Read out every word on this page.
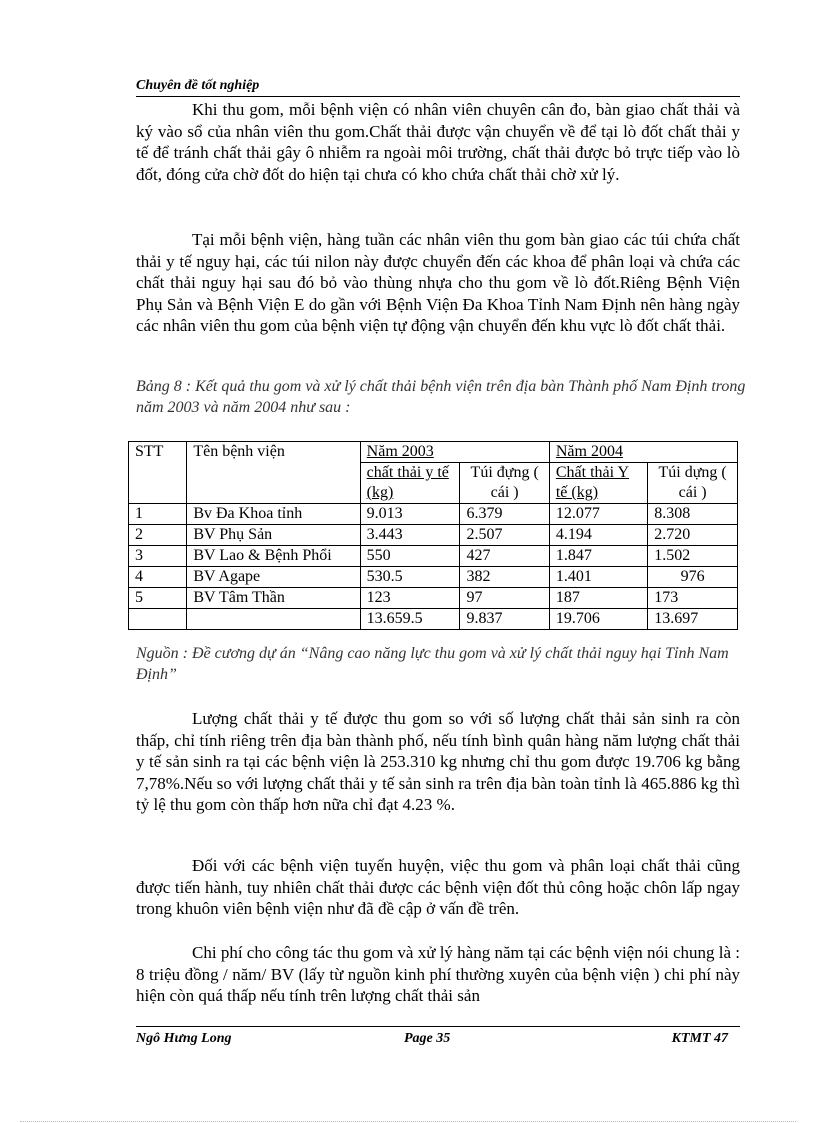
Chuyên đề tốt nghiệp

Khi thu gom, mỗi bệnh viện có nhân viên chuyên cân đo, bàn giao chất thải và ký vào sổ của nhân viên thu gom.Chất thải được vận chuyển về để tại lò đốt chất thải y tế để tránh chất thải gây ô nhiễm ra ngoài môi trường, chất thải được bỏ trực tiếp vào lò đốt, đóng cửa chờ đốt do hiện tại chưa có kho chứa chất thải chờ xử lý.

Tại mỗi bệnh viện, hàng tuần các nhân viên thu gom bàn giao các túi chứa chất thải y tế nguy hại, các túi nilon này được chuyển đến các khoa để phân loại và chứa các chất thải nguy hại sau đó bỏ vào thùng nhựa cho thu gom về lò đốt.Riêng Bệnh Viện Phụ Sản và Bệnh Viện E do gần với Bệnh Viện Đa Khoa Tỉnh Nam Định nên hàng ngày các nhân viên thu gom của bệnh viện tự động vận chuyển đến khu vực lò đốt chất thải.

Bảng 8 : Kết quả thu gom và xử lý chất thải bệnh viện trên địa bàn Thành phố Nam Định trong năm 2003 và năm 2004 như sau :

STT	Tên bệnh viện	Năm 2003		Năm 2004	
		chất thải y tế (kg)	Túi đựng ( cái )	Chất thải Y tế (kg)	Túi dựng ( cái )
1	Bv Đa Khoa tỉnh	9.013	6.379	12.077	8.308
2	BV Phụ Sản	3.443	2.507	4.194	2.720
3	BV Lao & Bệnh Phổi	550	427	1.847	1.502
4	BV Agape	530.5	382	1.401	976
5	BV Tâm Thần	123	97	187	173
		13.659.5	9.837	19.706	13.697

Nguồn : Đề cương dự án “Nâng cao năng lực thu gom và xử lý chất thải nguy hại Tỉnh Nam Định”

Lượng chất thải y tế được thu gom so với số lượng chất thải sản sinh ra còn thấp, chỉ tính riêng trên địa bàn thành phố, nếu tính bình quân hàng năm lượng chất thải y tế sản sinh ra tại các bệnh viện là 253.310 kg nhưng chỉ thu gom được 19.706 kg bằng 7,78%.Nếu so với lượng chất thải y tế sản sinh ra trên địa bàn toàn tỉnh là 465.886 kg thì tỷ lệ thu gom còn thấp hơn nữa chỉ đạt 4.23 %.

Đối với các bệnh viện tuyến huyện, việc thu gom và phân loại chất thải cũng được tiến hành, tuy nhiên chất thải được các bệnh viện đốt thủ công hoặc chôn lấp ngay trong khuôn viên bệnh viện như đã đề cập ở vấn đề trên.

Chi phí cho công tác thu gom và xử lý hàng năm tại các bệnh viện nói chung là : 8 triệu đồng / năm/ BV (lấy từ nguồn kinh phí thường xuyên của bệnh viện ) chi phí này hiện còn quá thấp nếu tính trên lượng chất thải sản

Ngô Hưng Long	Page 35	KTMT 47
